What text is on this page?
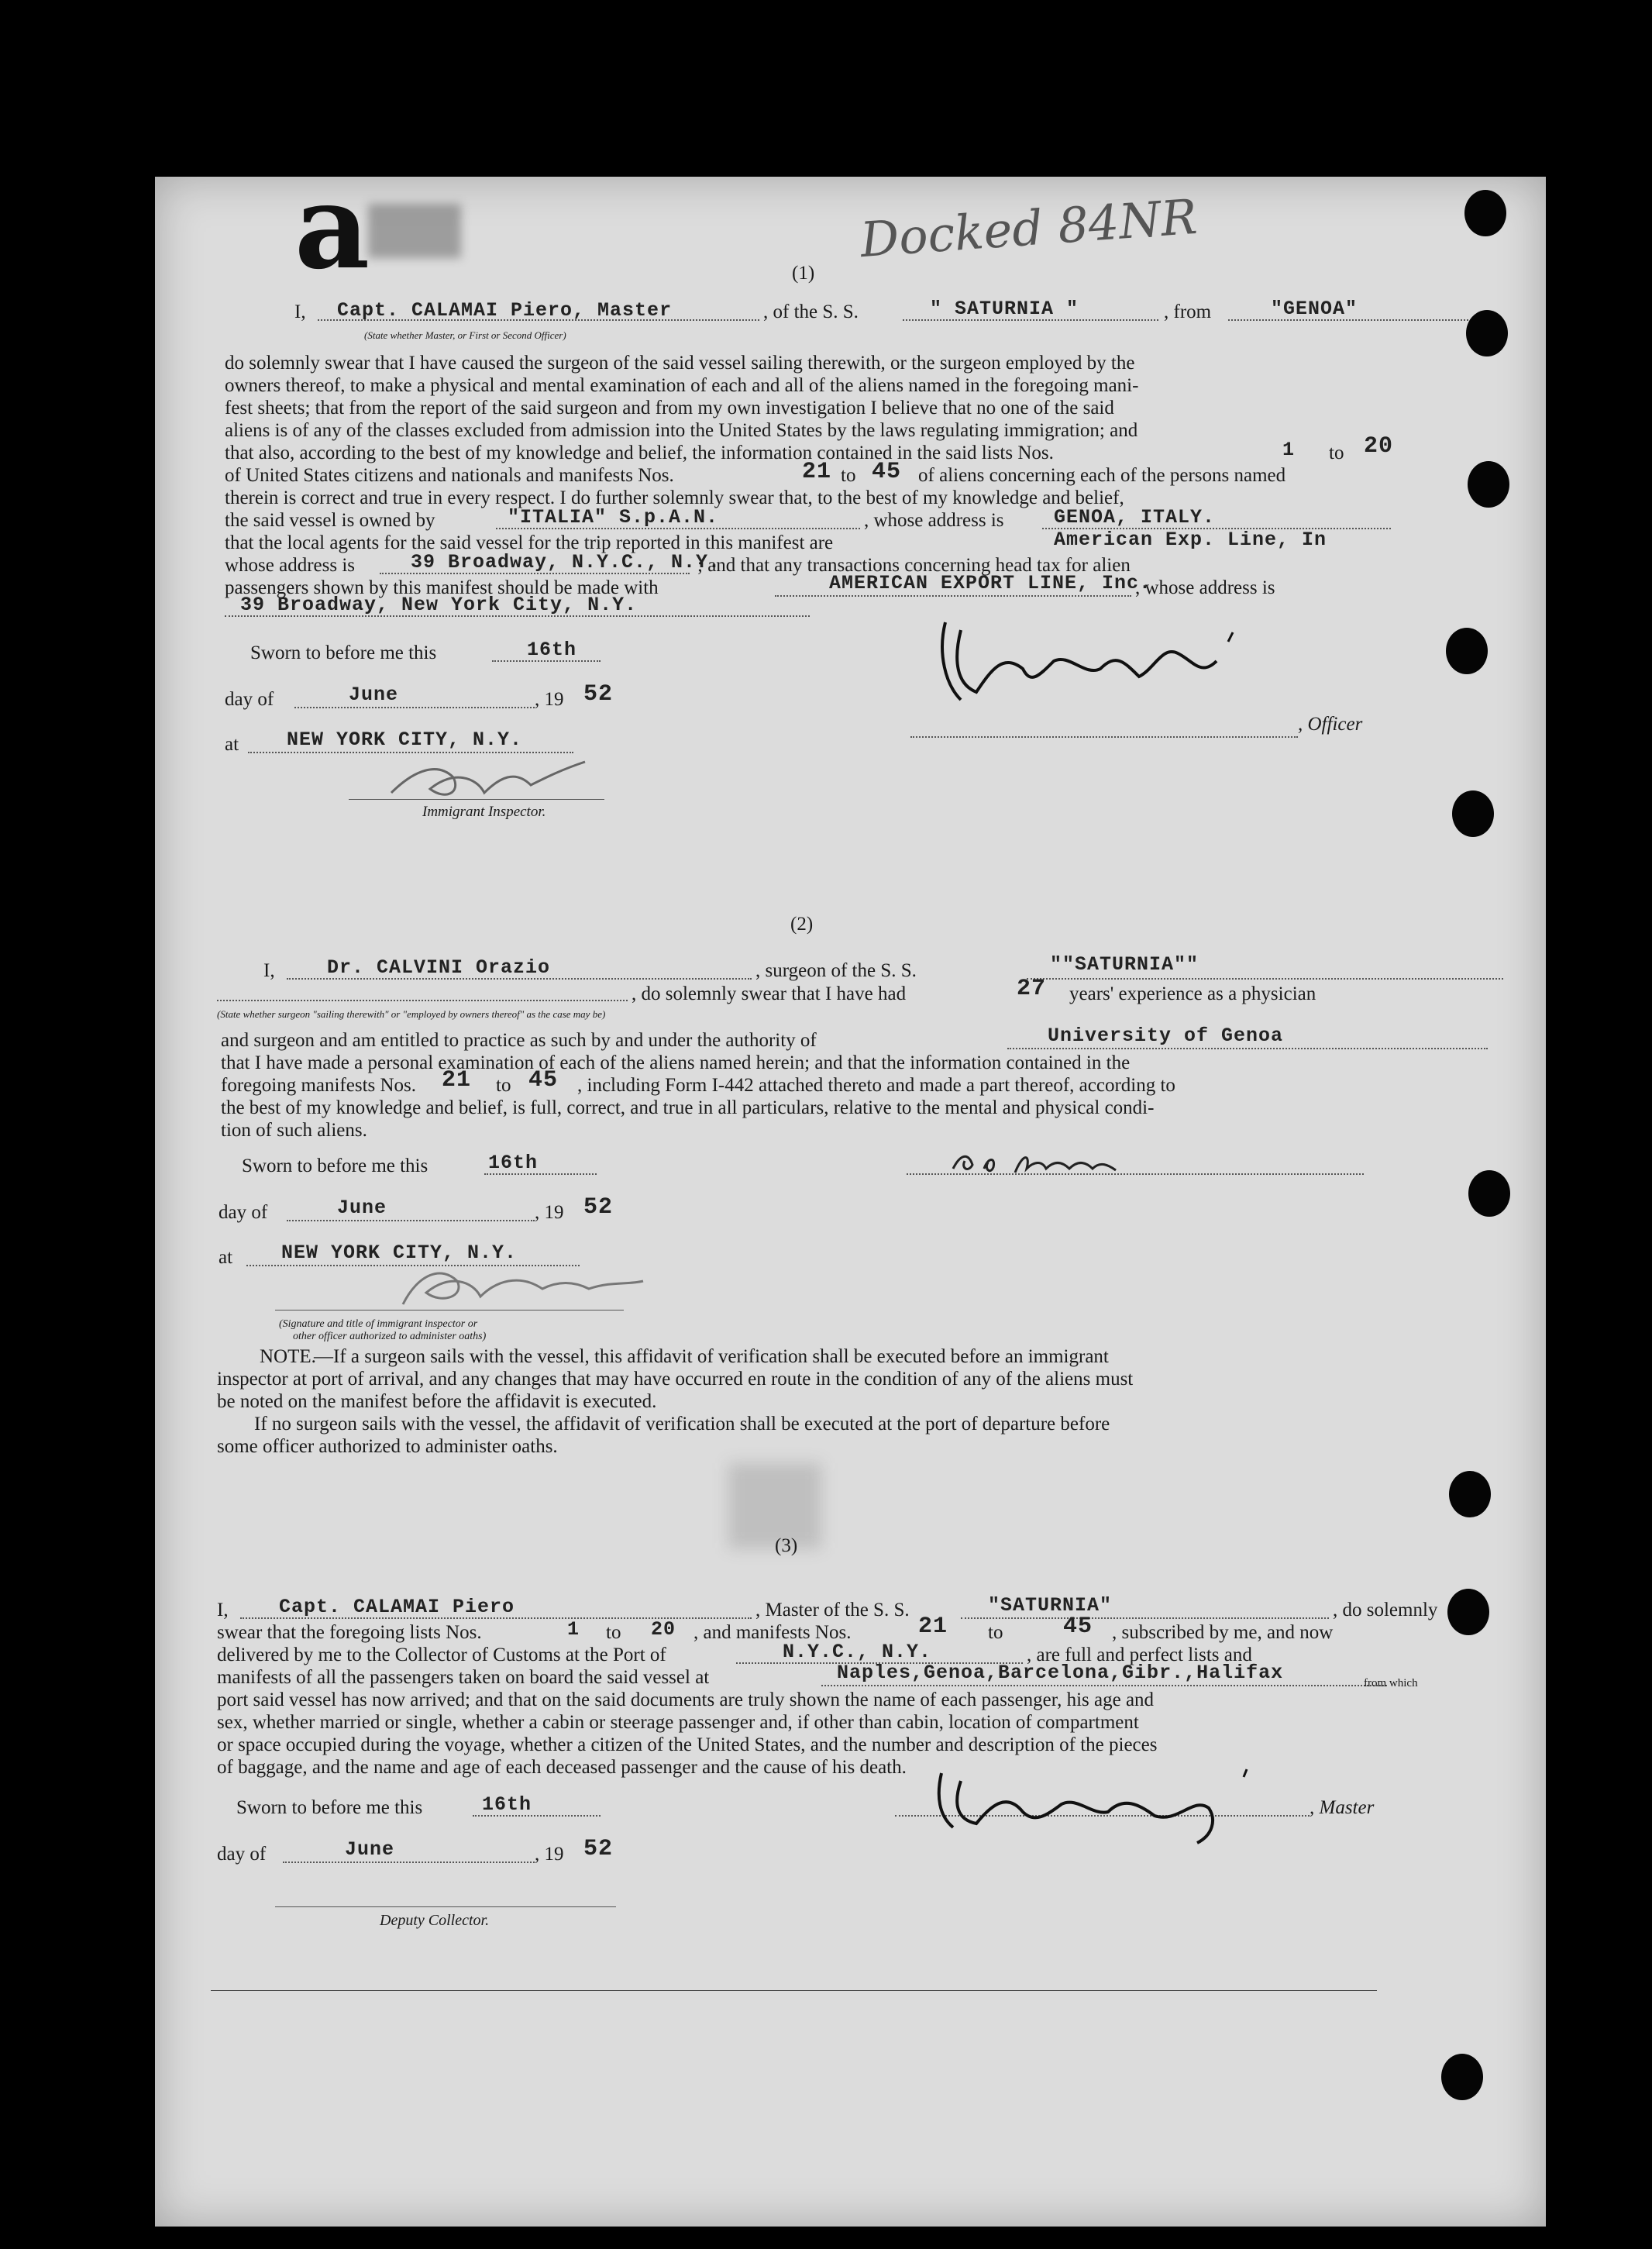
a	Docked 84NR
(1)
I, Capt. CALAMAI Piero, Master	, of the S. S.	" SATURNIA "	, from	"GENOA"
(State whether Master, or First or Second Officer)
do solemnly swear that I have caused the surgeon of the said vessel sailing therewith, or the surgeon employed by the
owners thereof, to make a physical and mental examination of each and all of the aliens named in the foregoing mani-
fest sheets; that from the report of the said surgeon and from my own investigation I believe that no one of the said
aliens is of any of the classes excluded from admission into the United States by the laws regulating immigration; and
that also, according to the best of my knowledge and belief, the information contained in the said lists Nos.	1 to 20
of United States citizens and nationals and manifests Nos.	21 to 45 of aliens concerning each of the persons named
therein is correct and true in every respect. I do further solemnly swear that, to the best of my knowledge and belief,
the said vessel is owned by	"ITALIA" S.p.A.N.	, whose address is	GENOA, ITALY.
that the local agents for the said vessel for the trip reported in this manifest are	American Exp. Line, In
whose address is	39 Broadway, N.Y.C., N.Y.
; and that any transactions concerning head tax for alien
passengers shown by this manifest should be made with	AMERICAN EXPORT LINE, Inc.
, whose address is
39 Broadway, New York City, N.Y.
Sworn to before me this	16th
day of	June	, 19 52
at NEW YORK CITY, N.Y.
, Officer
Immigrant Inspector.
(2)
I,	Dr. CALVINI Orazio	, surgeon of the S. S.	""SATURNIA""
, do solemnly swear that I have had	27 years' experience as a physician
(State whether surgeon "sailing therewith" or "employed by owners thereof" as the case may be)
and surgeon and am entitled to practice as such by and under the authority of	University of Genoa
that I have made a personal examination of each of the aliens named herein; and that the information contained in the
foregoing manifests Nos. 21 to 45 , including Form I-442 attached thereto and made a part thereof, according to
the best of my knowledge and belief, is full, correct, and true in all particulars, relative to the mental and physical condi-
tion of such aliens.
Sworn to before me this	16th
day of	June	, 19 52
at	NEW YORK CITY, N.Y.
(Signature and title of immigrant inspector or
other officer authorized to administer oaths)
NOTE.
—If a surgeon sails with the vessel, this affidavit of verification shall be executed before an immigrant
inspector at port of arrival, and any changes that may have occurred en route in the condition of any of the aliens must
be noted on the manifest before the affidavit is executed.
If no surgeon sails with the vessel, the affidavit of verification shall be executed at the port of departure before
some officer authorized to administer oaths.
(3)
I,	Capt. CALAMAI Piero	, Master of the S. S.	"SATURNIA"	, do solemnly
swear that the foregoing lists Nos.	1 to 20 , and manifests Nos.	21 to	45 , subscribed by me, and now
delivered by me to the Collector of Customs at the Port of	N.Y.C., N.Y.	, are full and perfect lists and
manifests of all the passengers taken on board the said vessel at	Naples,Genoa,Barcelona,Gibr.,Halifax	from which
port said vessel has now arrived; and that on the said documents are truly shown the name of each passenger, his age and
sex, whether married or single, whether a cabin or steerage passenger and, if other than cabin, location of compartment
or space occupied during the voyage, whether a citizen of the United States, and the number and description of the pieces
of baggage, and the name and age of each deceased passenger and the cause of his death.
Sworn to before me this	16th	, Master
day of	June	, 19 52
Deputy Collector.
